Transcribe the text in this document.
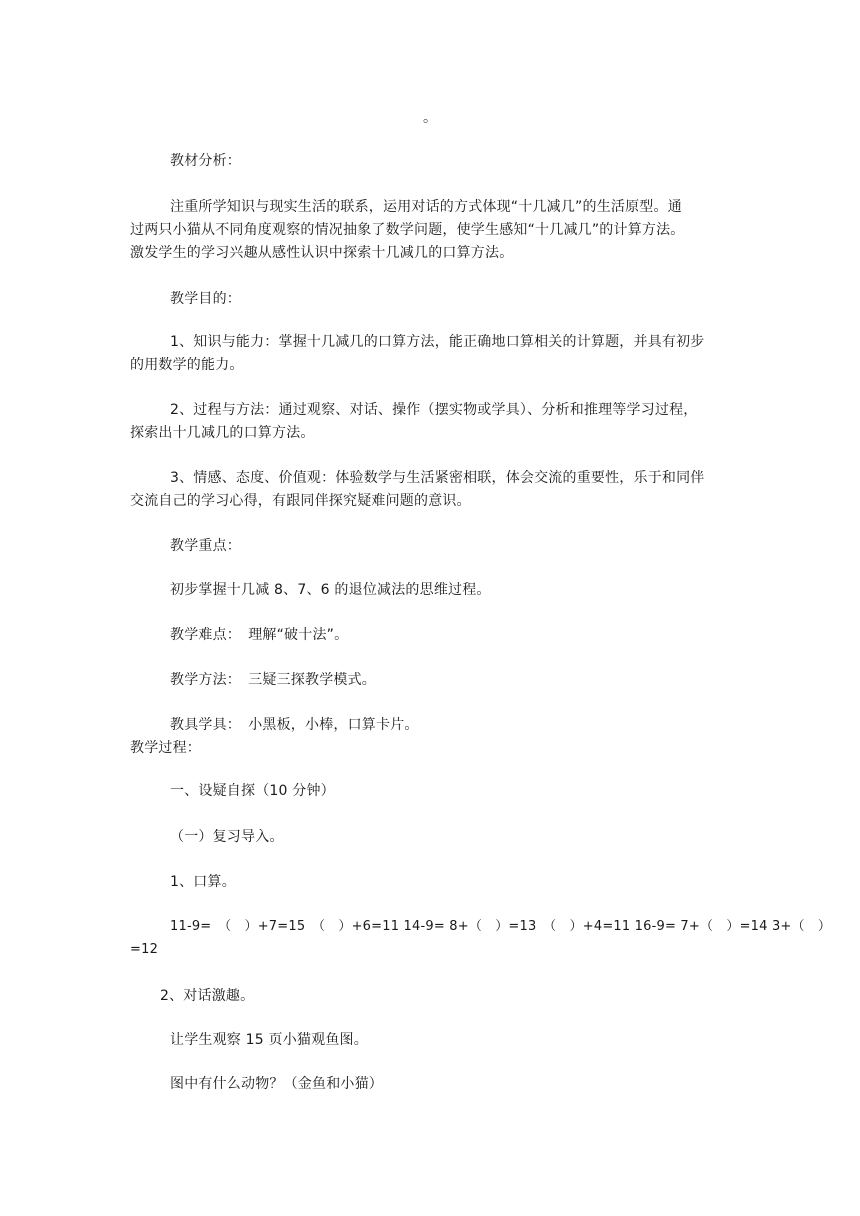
。
教材分析：
注重所学知识与现实生活的联系，运用对话的方式体现“十几减几”的生活原型。通
过两只小猫从不同角度观察的情况抽象了数学问题，使学生感知“十几减几”的计算方法。
激发学生的学习兴趣从感性认识中探索十几减几的口算方法。
教学目的：
1、知识与能力：掌握十几减几的口算方法，能正确地口算相关的计算题，并具有初步
的用数学的能力。
2、过程与方法：通过观察、对话、操作（摆实物或学具）、分析和推理等学习过程，
探索出十几减几的口算方法。
3、情感、态度、价值观：体验数学与生活紧密相联，体会交流的重要性，乐于和同伴
交流自己的学习心得，有跟同伴探究疑难问题的意识。
教学重点：
初步掌握十几减 8、7、6 的退位减法的思维过程。
教学难点：　理解“破十法”。
教学方法：　三疑三探教学模式。
教具学具：　小黑板，小棒，口算卡片。
教学过程：
一、设疑自探（10 分钟）
（一）复习导入。
1、口算。
11-9=　（　）+7=15　（　）+6=11 14-9= 8+（　）=13　（　）+4=11 16-9= 7+（　）=14 3+（　）
=12
2、对话激趣。
让学生观察 15 页小猫观鱼图。
图中有什么动物？（金鱼和小猫）
